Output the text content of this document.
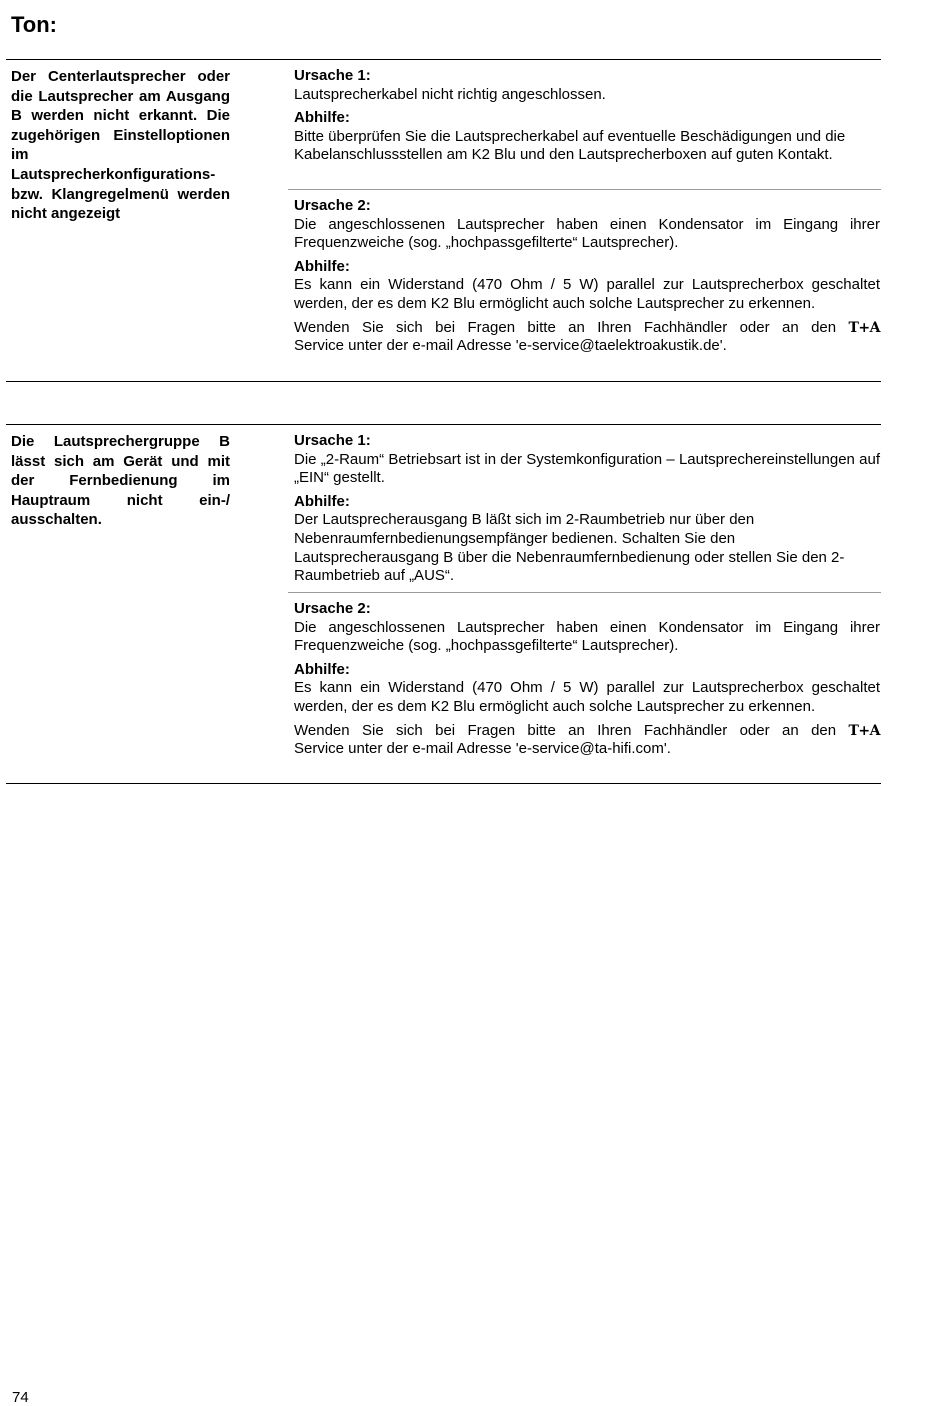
Ton:

Der Centerlautsprecher oder die Lautsprecher am Ausgang B werden nicht erkannt. Die zugehörigen Einstelloptionen im Lautsprecherkonfigurations- bzw. Klangregelmenü werden nicht angezeigt

Ursache 1:
Lautsprecherkabel nicht richtig angeschlossen.
Abhilfe:
Bitte überprüfen Sie die Lautsprecherkabel auf eventuelle Beschädigungen und die Kabelanschlussstellen am K2 Blu und den Lautsprecherboxen auf guten Kontakt.
Ursache 2:
Die angeschlossenen Lautsprecher haben einen Kondensator im Eingang ihrer Frequenzweiche (sog. „hochpassgefilterte“ Lautsprecher).
Abhilfe:
Es kann ein Widerstand (470 Ohm / 5 W) parallel zur Lautsprecherbox geschaltet werden, der es dem K2 Blu ermöglicht auch solche Lautsprecher zu erkennen.
Wenden Sie sich bei Fragen bitte an Ihren Fachhändler oder an den T+A
Service unter der e-mail Adresse 'e-service@taelektroakustik.de'.

Die Lautsprechergruppe B lässt sich am Gerät und mit der Fernbedienung im Hauptraum nicht ein-/ ausschalten.

Ursache 1:
Die „2-Raum“ Betriebsart ist in der Systemkonfiguration – Lautsprechereinstellungen auf „EIN“ gestellt.
Abhilfe:
Der Lautsprecherausgang B läßt sich im 2-Raumbetrieb nur über den Nebenraumfernbedienungsempfänger bedienen. Schalten Sie den Lautsprecherausgang B über die Nebenraumfernbedienung oder stellen Sie den 2-Raumbetrieb auf „AUS“.
Ursache 2:
Die angeschlossenen Lautsprecher haben einen Kondensator im Eingang ihrer Frequenzweiche (sog. „hochpassgefilterte“ Lautsprecher).
Abhilfe:
Es kann ein Widerstand (470 Ohm / 5 W) parallel zur Lautsprecherbox geschaltet werden, der es dem K2 Blu ermöglicht auch solche Lautsprecher zu erkennen.
Wenden Sie sich bei Fragen bitte an Ihren Fachhändler oder an den T+A
Service unter der e-mail Adresse 'e-service@ta-hifi.com'.
74
